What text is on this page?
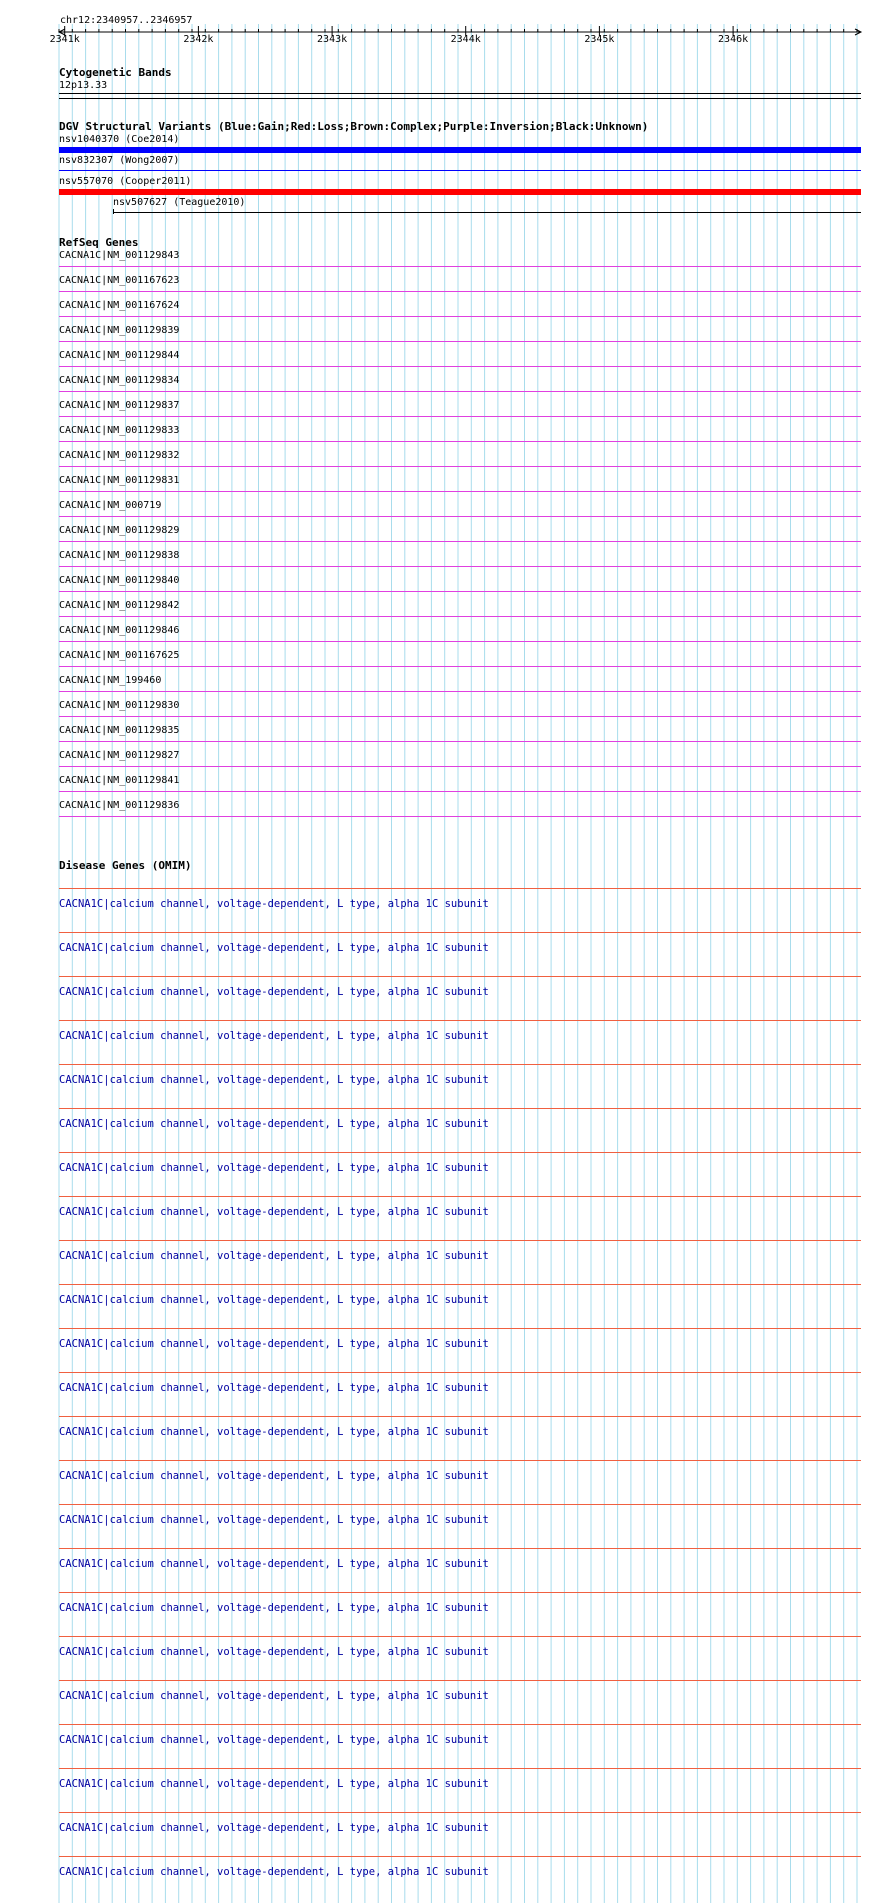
chr12:2340957..2346957
2341k	2342k	2343k	2344k	2345k	2346k
Cytogenetic Bands
12p13.33
DGV Structural Variants (Blue:Gain;Red:Loss;Brown:Complex;Purple:Inversion;Black:Unknown)
nsv1040370 (Coe2014)
nsv832307 (Wong2007)
nsv557070 (Cooper2011)
nsv507627 (Teague2010)
RefSeq Genes
CACNA1C|NM_001129843
CACNA1C|NM_001167623
CACNA1C|NM_001167624
CACNA1C|NM_001129839
CACNA1C|NM_001129844
CACNA1C|NM_001129834
CACNA1C|NM_001129837
CACNA1C|NM_001129833
CACNA1C|NM_001129832
CACNA1C|NM_001129831
CACNA1C|NM_000719
CACNA1C|NM_001129829
CACNA1C|NM_001129838
CACNA1C|NM_001129840
CACNA1C|NM_001129842
CACNA1C|NM_001129846
CACNA1C|NM_001167625
CACNA1C|NM_199460
CACNA1C|NM_001129830
CACNA1C|NM_001129835
CACNA1C|NM_001129827
CACNA1C|NM_001129841
CACNA1C|NM_001129836
Disease Genes (OMIM)
CACNA1C|calcium channel, voltage-dependent, L type, alpha 1C subunit
CACNA1C|calcium channel, voltage-dependent, L type, alpha 1C subunit
CACNA1C|calcium channel, voltage-dependent, L type, alpha 1C subunit
CACNA1C|calcium channel, voltage-dependent, L type, alpha 1C subunit
CACNA1C|calcium channel, voltage-dependent, L type, alpha 1C subunit
CACNA1C|calcium channel, voltage-dependent, L type, alpha 1C subunit
CACNA1C|calcium channel, voltage-dependent, L type, alpha 1C subunit
CACNA1C|calcium channel, voltage-dependent, L type, alpha 1C subunit
CACNA1C|calcium channel, voltage-dependent, L type, alpha 1C subunit
CACNA1C|calcium channel, voltage-dependent, L type, alpha 1C subunit
CACNA1C|calcium channel, voltage-dependent, L type, alpha 1C subunit
CACNA1C|calcium channel, voltage-dependent, L type, alpha 1C subunit
CACNA1C|calcium channel, voltage-dependent, L type, alpha 1C subunit
CACNA1C|calcium channel, voltage-dependent, L type, alpha 1C subunit
CACNA1C|calcium channel, voltage-dependent, L type, alpha 1C subunit
CACNA1C|calcium channel, voltage-dependent, L type, alpha 1C subunit
CACNA1C|calcium channel, voltage-dependent, L type, alpha 1C subunit
CACNA1C|calcium channel, voltage-dependent, L type, alpha 1C subunit
CACNA1C|calcium channel, voltage-dependent, L type, alpha 1C subunit
CACNA1C|calcium channel, voltage-dependent, L type, alpha 1C subunit
CACNA1C|calcium channel, voltage-dependent, L type, alpha 1C subunit
CACNA1C|calcium channel, voltage-dependent, L type, alpha 1C subunit
CACNA1C|calcium channel, voltage-dependent, L type, alpha 1C subunit
